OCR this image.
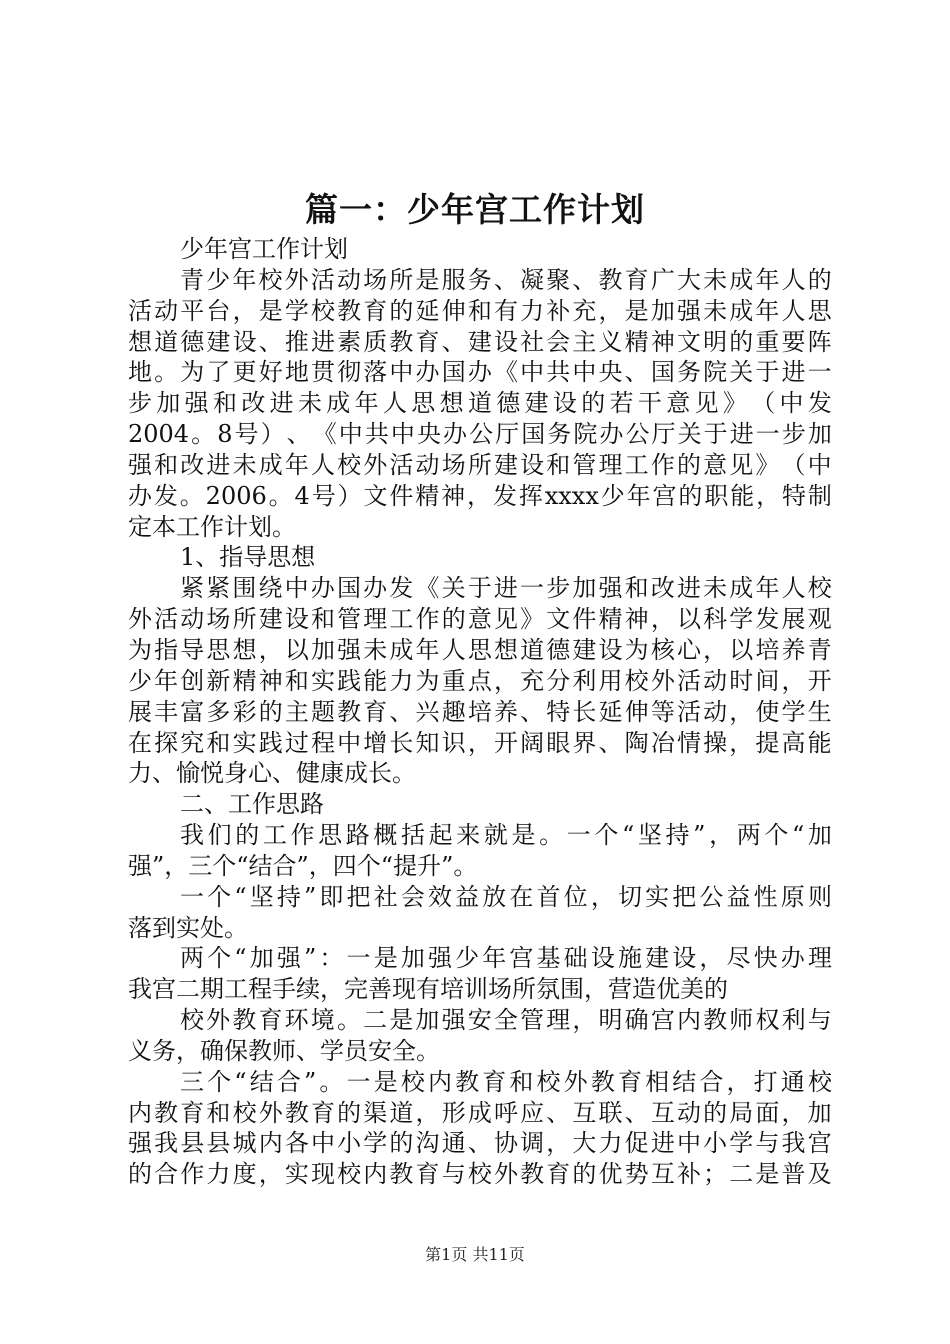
篇一：少年宫工作计划
少年宫工作计划
青 少 年 校 外 活 动 场 所 是 服 务 、 凝 聚 、 教 育 广 大 未 成 年 人 的
活 动 平 台 ， 是 学 校 教 育 的 延 伸 和 有 力 补 充 ， 是 加 强 未 成 年 人 思
想 道 德 建 设 、 推 进 素 质 教 育 、 建 设 社 会 主 义 精 神 文 明 的 重 要 阵
地 。 为 了 更 好 地 贯 彻 落 中 办 国 办 《 中 共 中 央 、 国 务 院 关 于 进 一
步 加 强 和 改 进 未 成 年 人 思 想 道 德 建 设 的 若 干 意 见 》 （ 中 发
2004 。 8 号 ） 、 《 中 共 中 央 办 公 厅 国 务 院 办 公 厅 关 于 进 一 步 加
强 和 改 进 未 成 年 人 校 外 活 动 场 所 建 设 和 管 理 工 作 的 意 见 》 （ 中
办 发 。 2006 。 4 号 ） 文 件 精 神 ， 发 挥 xxxx 少 年 宫 的 职 能 ， 特 制
定本工作计划。
1、指导思想
紧 紧 围 绕 中 办 国 办 发 《 关 于 进 一 步 加 强 和 改 进 未 成 年 人 校
外 活 动 场 所 建 设 和 管 理 工 作 的 意 见 》 文 件 精 神 ， 以 科 学 发 展 观
为 指 导 思 想 ， 以 加 强 未 成 年 人 思 想 道 德 建 设 为 核 心 ， 以 培 养 青
少 年 创 新 精 神 和 实 践 能 力 为 重 点 ， 充 分 利 用 校 外 活 动 时 间 ， 开
展 丰 富 多 彩 的 主 题 教 育 、 兴 趣 培 养 、 特 长 延 伸 等 活 动 ， 使 学 生
在 探 究 和 实 践 过 程 中 增 长 知 识 ， 开 阔 眼 界 、 陶 冶 情 操 ， 提 高 能
力、愉悦身心、健康成长。
二、工作思路
我 们 的 工 作 思 路 概 括 起 来 就 是 。 一 个 “ 坚 持 ” ， 两 个 “ 加
强”，三个“结合”，四个“提升”。
一 个 “ 坚 持 ” 即 把 社 会 效 益 放 在 首 位 ， 切 实 把 公 益 性 原 则
落到实处。
两 个 “ 加 强 ” ： 一 是 加 强 少 年 宫 基 础 设 施 建 设 ， 尽 快 办 理
我宫二期工程手续，完善现有培训场所氛围，营造优美的
校 外 教 育 环 境 。 二 是 加 强 安 全 管 理 ， 明 确 宫 内 教 师 权 利 与
义务，确保教师、学员安全。
三 个 “ 结 合 ” 。 一 是 校 内 教 育 和 校 外 教 育 相 结 合 ， 打 通 校
内 教 育 和 校 外 教 育 的 渠 道 ， 形 成 呼 应 、 互 联 、 互 动 的 局 面 ， 加
强 我 县 县 城 内 各 中 小 学 的 沟 通 、 协 调 ， 大 力 促 进 中 小 学 与 我 宫
的 合 作 力 度 ， 实 现 校 内 教 育 与 校 外 教 育 的 优 势 互 补 ； 二 是 普 及
第1页 共11页
